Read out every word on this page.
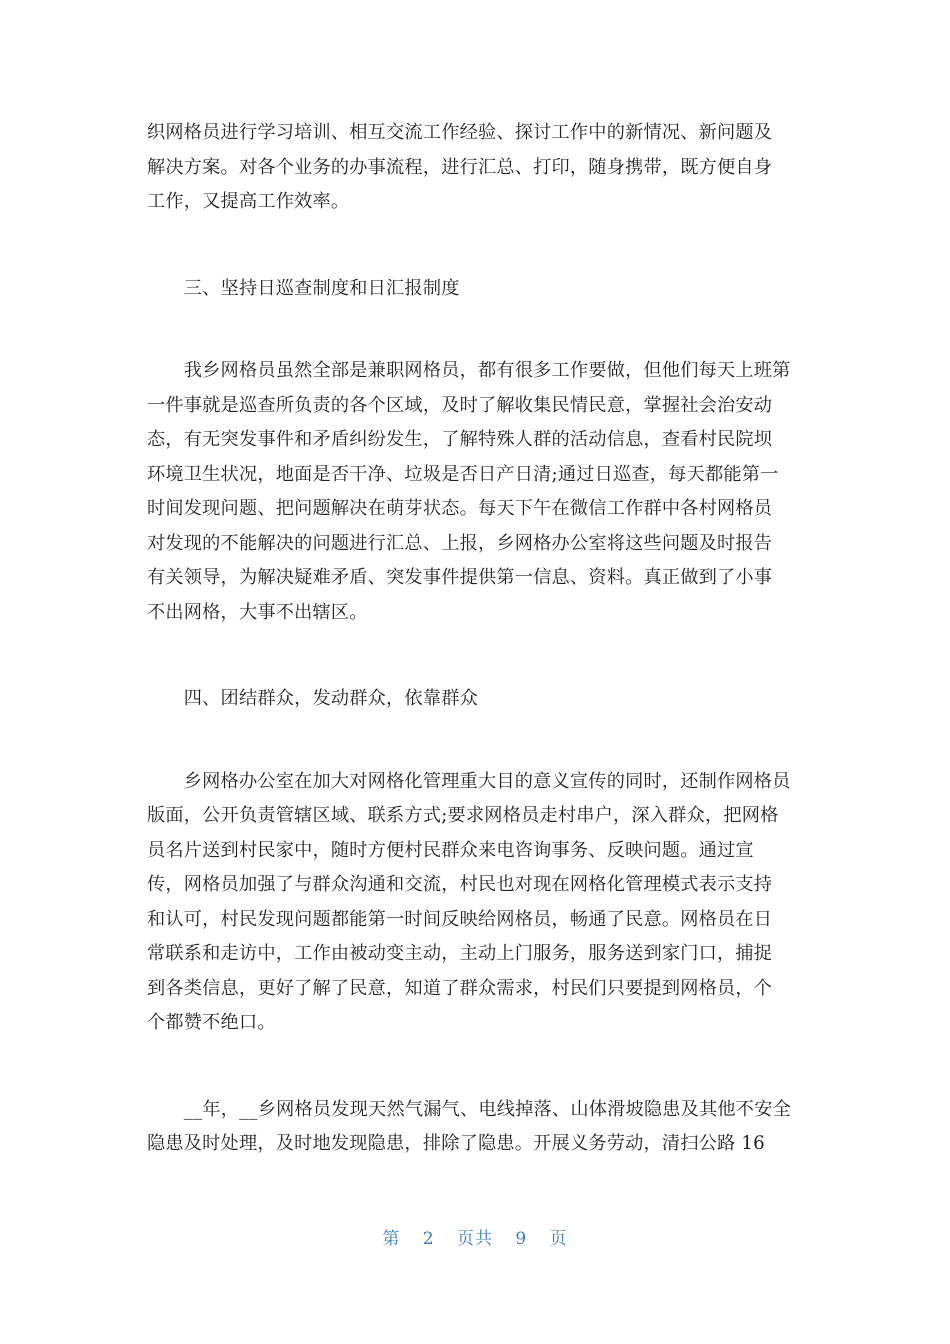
织网格员进行学习培训、相互交流工作经验、探讨工作中的新情况、新问题及
解决方案。对各个业务的办事流程，进行汇总、打印，随身携带，既方便自身
工作，又提高工作效率。
　　三、坚持日巡查制度和日汇报制度
　　我乡网格员虽然全部是兼职网格员，都有很多工作要做，但他们每天上班第
一件事就是巡查所负责的各个区域，及时了解收集民情民意，掌握社会治安动
态，有无突发事件和矛盾纠纷发生，了解特殊人群的活动信息，查看村民院坝
环境卫生状况，地面是否干净、垃圾是否日产日清;通过日巡查，每天都能第一
时间发现问题、把问题解决在萌芽状态。每天下午在微信工作群中各村网格员
对发现的不能解决的问题进行汇总、上报，乡网格办公室将这些问题及时报告
有关领导，为解决疑难矛盾、突发事件提供第一信息、资料。真正做到了小事
不出网格，大事不出辖区。
　　四、团结群众，发动群众，依靠群众
　　乡网格办公室在加大对网格化管理重大目的意义宣传的同时，还制作网格员
版面，公开负责管辖区域、联系方式;要求网格员走村串户，深入群众，把网格
员名片送到村民家中，随时方便村民群众来电咨询事务、反映问题。通过宣
传，网格员加强了与群众沟通和交流，村民也对现在网格化管理模式表示支持
和认可，村民发现问题都能第一时间反映给网格员，畅通了民意。网格员在日
常联系和走访中，工作由被动变主动，主动上门服务，服务送到家门口，捕捉
到各类信息，更好了解了民意，知道了群众需求，村民们只要提到网格员，个
个都赞不绝口。
　　__年，__乡网格员发现天然气漏气、电线掉落、山体滑坡隐患及其他不安全
隐患及时处理，及时地发现隐患，排除了隐患。开展义务劳动，清扫公路 16
第 2 页共 9 页
